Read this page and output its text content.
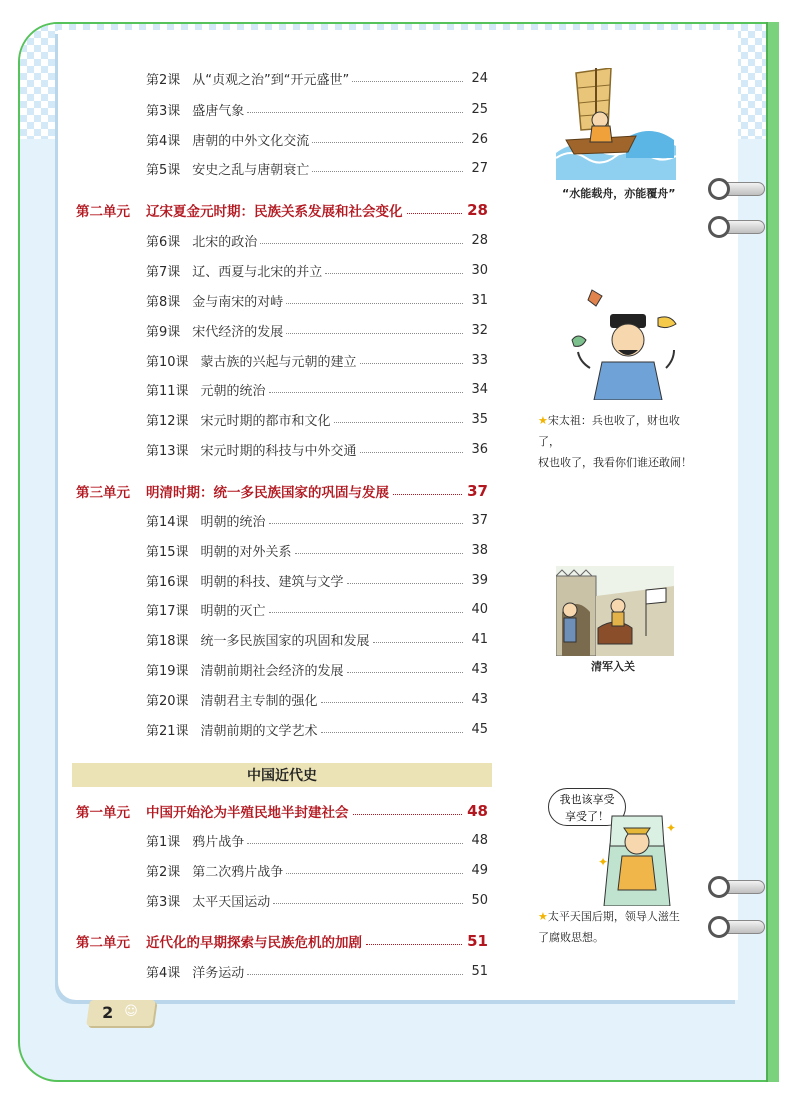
第2课 从“贞观之治”到“开元盛世”	24
第3课 盛唐气象	25
第4课 唐朝的中外文化交流	26
第5课 安史之乱与唐朝衰亡	27
第二单元	辽宋夏金元时期：民族关系发展和社会变化	28
第6课 北宋的政治	28
第7课 辽、西夏与北宋的并立	30
第8课 金与南宋的对峙	31
第9课 宋代经济的发展	32
第10课 蒙古族的兴起与元朝的建立	33
第11课 元朝的统治	34
第12课 宋元时期的都市和文化	35
第13课 宋元时期的科技与中外交通	36
第三单元	明清时期：统一多民族国家的巩固与发展	37
第14课 明朝的统治	37
第15课 明朝的对外关系	38
第16课 明朝的科技、建筑与文学	39
第17课 明朝的灭亡	40
第18课 统一多民族国家的巩固和发展	41
第19课 清朝前期社会经济的发展	43
第20课 清朝君主专制的强化	43
第21课 清朝前期的文学艺术	45
中国近代史
第一单元	中国开始沦为半殖民地半封建社会	48
第1课 鸦片战争	48
第2课 第二次鸦片战争	49
第3课 太平天国运动	50
第二单元	近代化的早期探索与民族危机的加剧	51
第4课 洋务运动	51
“水能载舟，亦能覆舟”
★宋太祖：兵也收了，财也收了，
权也收了，我看你们谁还敢闹！
清军入关
我也该享受
享受了！
✦
✦
★太平天国后期，领导人滋生
了腐败思想。
2 ☺
